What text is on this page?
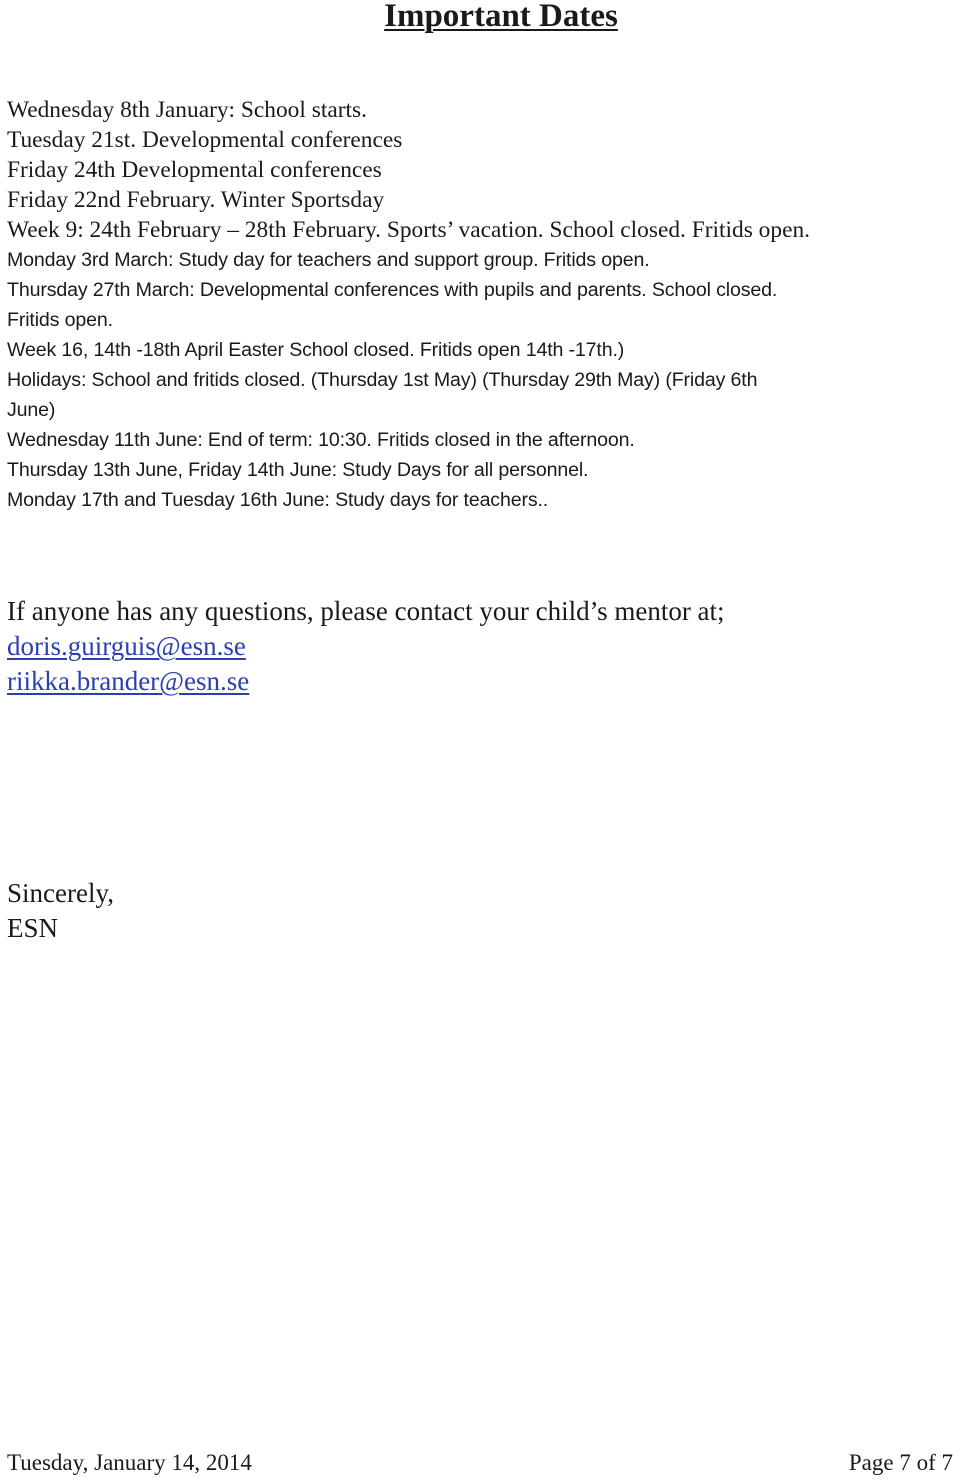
Important Dates
Wednesday 8th January: School starts.
Tuesday 21st. Developmental conferences
Friday 24th Developmental conferences
Friday 22nd February. Winter Sportsday
Week 9: 24th February – 28th February. Sports’ vacation. School closed. Fritids open.
Monday 3rd March: Study day for teachers and support group. Fritids open.
Thursday 27th March: Developmental conferences with pupils and parents. School closed.
Fritids open.
Week 16, 14th -18th April Easter School closed. Fritids open 14th -17th.)
Holidays: School and fritids closed. (Thursday 1st May) (Thursday 29th May) (Friday 6th
June)
Wednesday 11th June: End of term: 10:30. Fritids closed in the afternoon.
Thursday 13th June, Friday 14th June: Study Days for all personnel.
Monday 17th and Tuesday 16th June: Study days for teachers..
If anyone has any questions, please contact your child’s mentor at;
doris.guirguis@esn.se
riikka.brander@esn.se
Sincerely,
ESN
Tuesday, January 14, 2014	Page 7 of 7
